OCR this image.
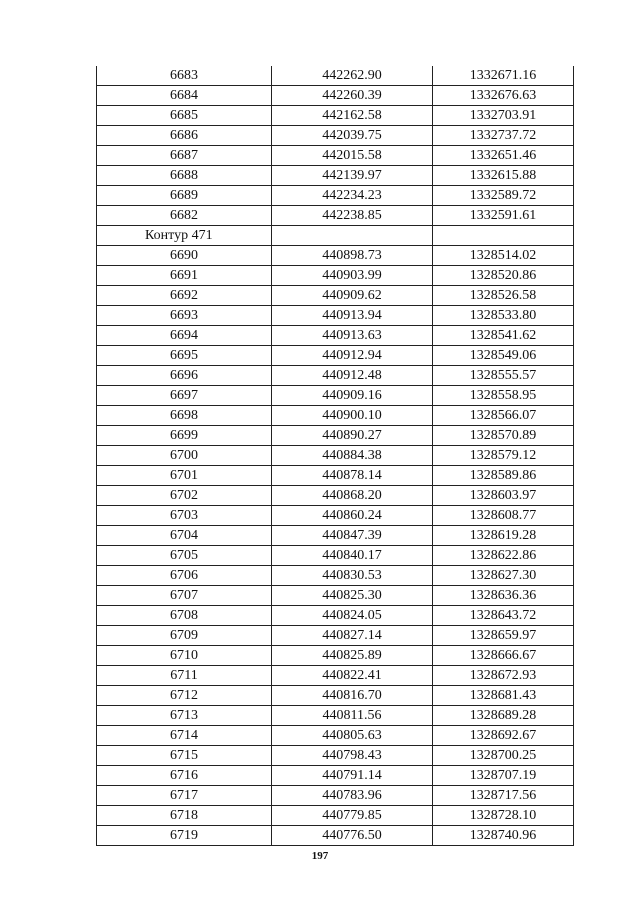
6683	442262.90	1332671.16
6684	442260.39	1332676.63
6685	442162.58	1332703.91
6686	442039.75	1332737.72
6687	442015.58	1332651.46
6688	442139.97	1332615.88
6689	442234.23	1332589.72
6682	442238.85	1332591.61
Контур 471		
6690	440898.73	1328514.02
6691	440903.99	1328520.86
6692	440909.62	1328526.58
6693	440913.94	1328533.80
6694	440913.63	1328541.62
6695	440912.94	1328549.06
6696	440912.48	1328555.57
6697	440909.16	1328558.95
6698	440900.10	1328566.07
6699	440890.27	1328570.89
6700	440884.38	1328579.12
6701	440878.14	1328589.86
6702	440868.20	1328603.97
6703	440860.24	1328608.77
6704	440847.39	1328619.28
6705	440840.17	1328622.86
6706	440830.53	1328627.30
6707	440825.30	1328636.36
6708	440824.05	1328643.72
6709	440827.14	1328659.97
6710	440825.89	1328666.67
6711	440822.41	1328672.93
6712	440816.70	1328681.43
6713	440811.56	1328689.28
6714	440805.63	1328692.67
6715	440798.43	1328700.25
6716	440791.14	1328707.19
6717	440783.96	1328717.56
6718	440779.85	1328728.10
6719	440776.50	1328740.96
197
